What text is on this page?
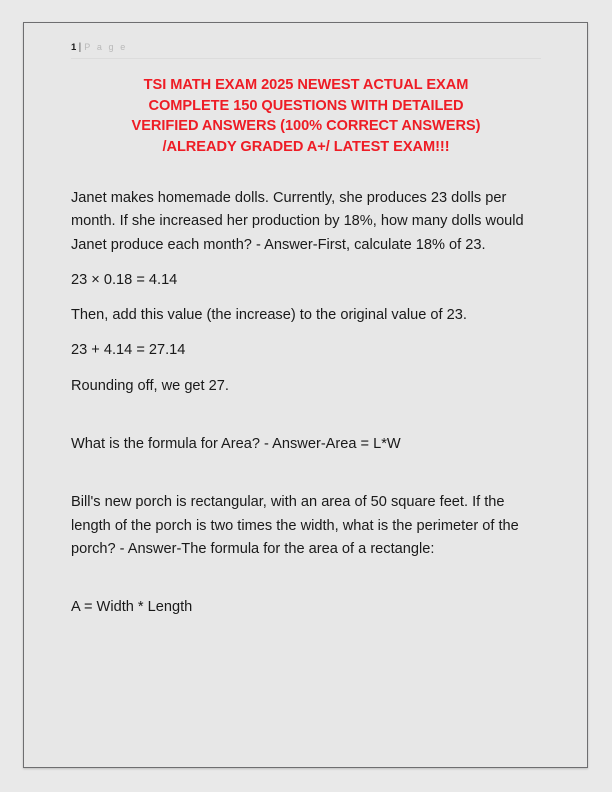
1 | P a g e
TSI MATH EXAM 2025 NEWEST ACTUAL EXAM
COMPLETE 150 QUESTIONS WITH DETAILED
VERIFIED ANSWERS (100% CORRECT ANSWERS)
/ALREADY GRADED A+/ LATEST EXAM!!!

Janet makes homemade dolls. Currently, she produces 23 dolls per month. If she increased her production by 18%, how many dolls would Janet produce each month? - Answer-First, calculate 18% of 23.

23 × 0.18 = 4.14

Then, add this value (the increase) to the original value of 23.

23 + 4.14 = 27.14

Rounding off, we get 27.

What is the formula for Area? - Answer-Area = L*W

Bill's new porch is rectangular, with an area of 50 square feet. If the length of the porch is two times the width, what is the perimeter of the porch? - Answer-The formula for the area of a rectangle:

A = Width * Length
